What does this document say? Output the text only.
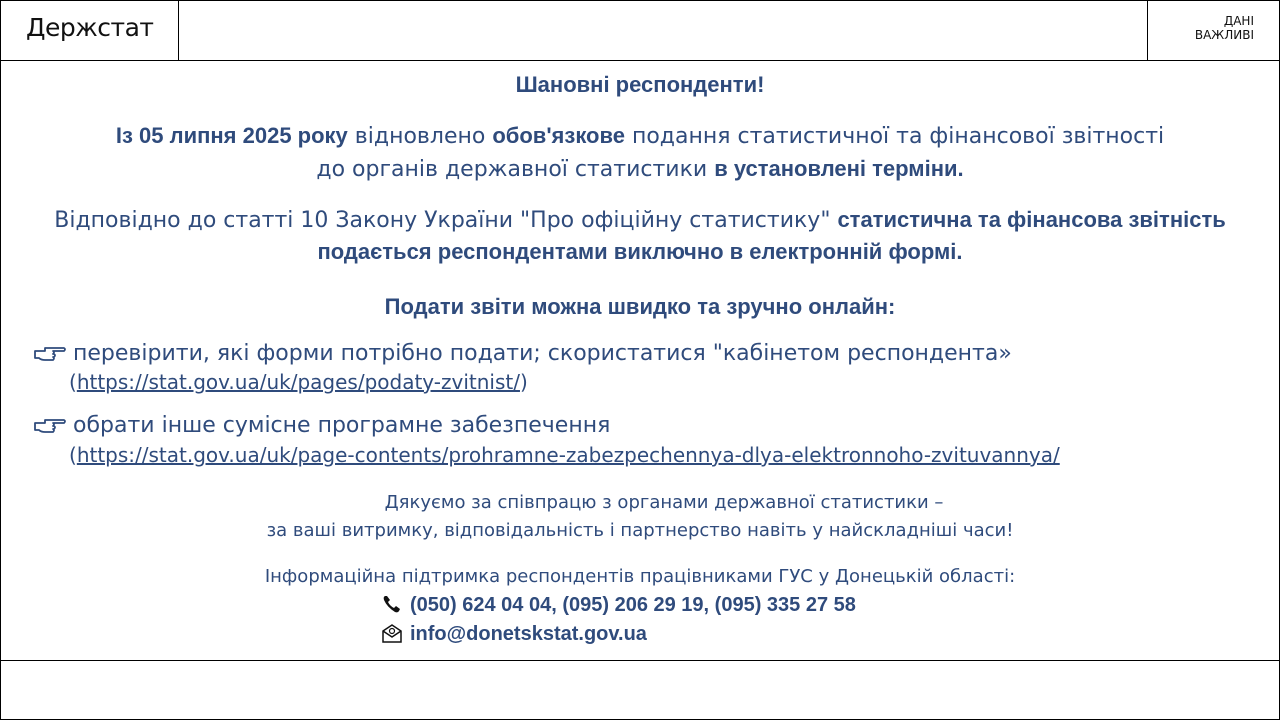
Держстат	ДАНІ
ВАЖЛИВІ
Шановні респонденти!
Із 05 липня 2025 року відновлено обов'язкове подання статистичної та фінансової звітності
до органів державної статистики в установлені терміни.
Відповідно до статті 10 Закону України "Про офіційну статистику" статистична та фінансова звітність
подається респондентами виключно в електронній формі.
Подати звіти можна швидко та зручно онлайн:
перевірити, які форми потрібно подати; скористатися "кабінетом респондента»
(https://stat.gov.ua/uk/pages/podaty-zvitnist/)
обрати інше сумісне програмне забезпечення
(https://stat.gov.ua/uk/page-contents/prohramne-zabezpechennya-dlya-elektronnoho-zvituvannya/
Дякуємо за співпрацю з органами державної статистики –
за ваші витримку, відповідальність і партнерство навіть у найскладніші часи!
Інформаційна підтримка респондентів працівниками ГУС у Донецькій області:
(050) 624 04 04, (095) 206 29 19, (095) 335 27 58
info@donetskstat.gov.ua
